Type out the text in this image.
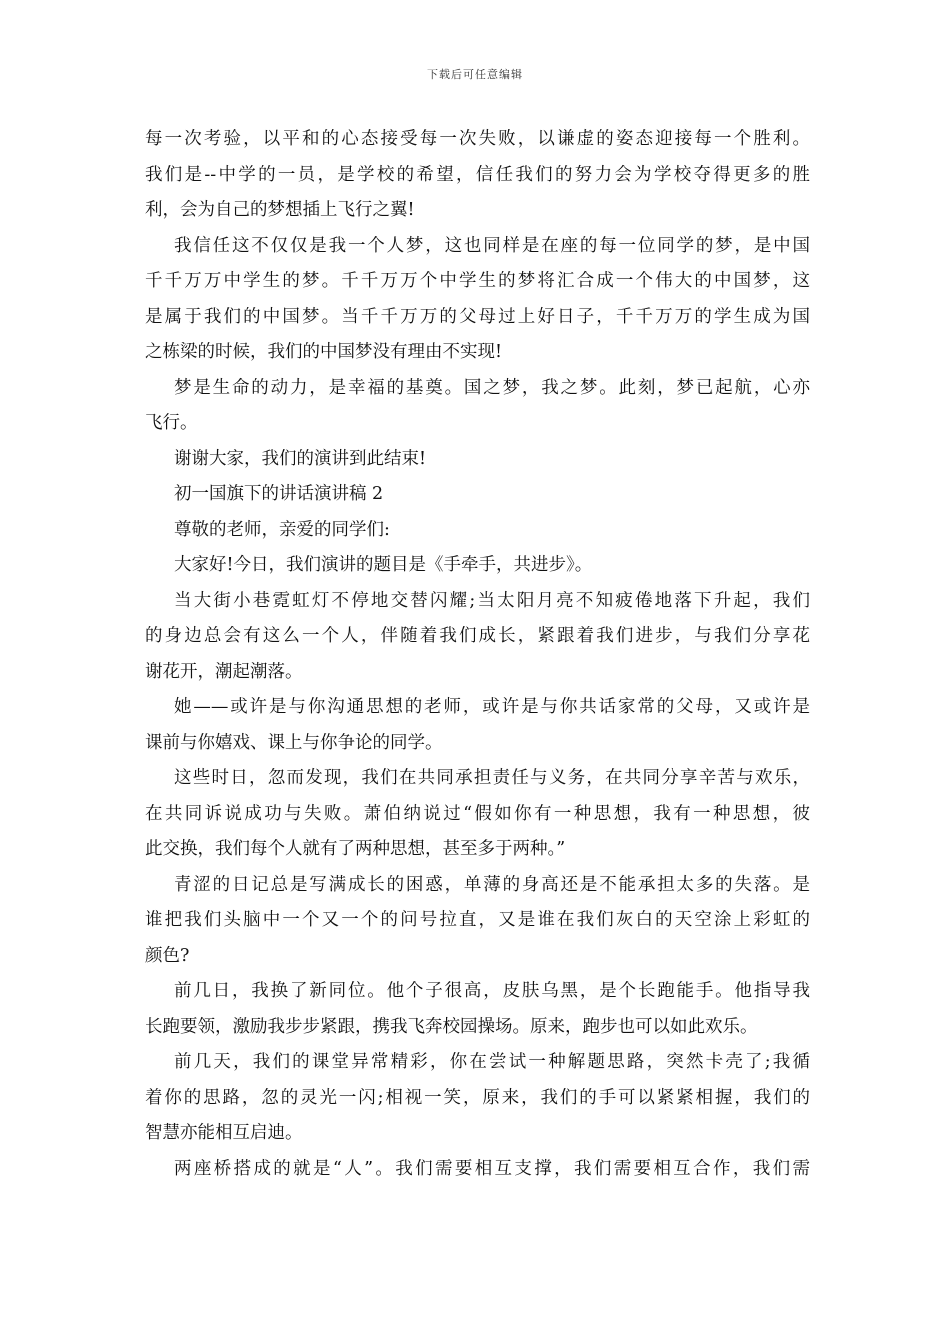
下载后可任意编辑
每一次考验，以平和的心态接受每一次失败，以谦虚的姿态迎接每一个胜利。
我们是--中学的一员，是学校的希望，信任我们的努力会为学校夺得更多的胜
利，会为自己的梦想插上飞行之翼!
我信任这不仅仅是我一个人梦，这也同样是在座的每一位同学的梦，是中国
千千万万中学生的梦。千千万万个中学生的梦将汇合成一个伟大的中国梦，这
是属于我们的中国梦。当千千万万的父母过上好日子，千千万万的学生成为国
之栋梁的时候，我们的中国梦没有理由不实现!
梦是生命的动力，是幸福的基奠。国之梦，我之梦。此刻，梦已起航，心亦
飞行。
谢谢大家，我们的演讲到此结束!
初一国旗下的讲话演讲稿 2
尊敬的老师，亲爱的同学们:
大家好!今日，我们演讲的题目是《手牵手，共进步》。
当大街小巷霓虹灯不停地交替闪耀;当太阳月亮不知疲倦地落下升起，我们
的身边总会有这么一个人，伴随着我们成长，紧跟着我们进步，与我们分享花
谢花开，潮起潮落。
她——或许是与你沟通思想的老师，或许是与你共话家常的父母，又或许是
课前与你嬉戏、课上与你争论的同学。
这些时日，忽而发现，我们在共同承担责任与义务，在共同分享辛苦与欢乐，
在共同诉说成功与失败。萧伯纳说过“假如你有一种思想，我有一种思想，彼
此交换，我们每个人就有了两种思想，甚至多于两种。”
青涩的日记总是写满成长的困惑，单薄的身高还是不能承担太多的失落。是
谁把我们头脑中一个又一个的问号拉直，又是谁在我们灰白的天空涂上彩虹的
颜色?
前几日，我换了新同位。他个子很高，皮肤乌黑，是个长跑能手。他指导我
长跑要领，激励我步步紧跟，携我飞奔校园操场。原来，跑步也可以如此欢乐。
前几天，我们的课堂异常精彩，你在尝试一种解题思路，突然卡壳了;我循
着你的思路，忽的灵光一闪;相视一笑，原来，我们的手可以紧紧相握，我们的
智慧亦能相互启迪。
两座桥搭成的就是“人”。我们需要相互支撑，我们需要相互合作，我们需
